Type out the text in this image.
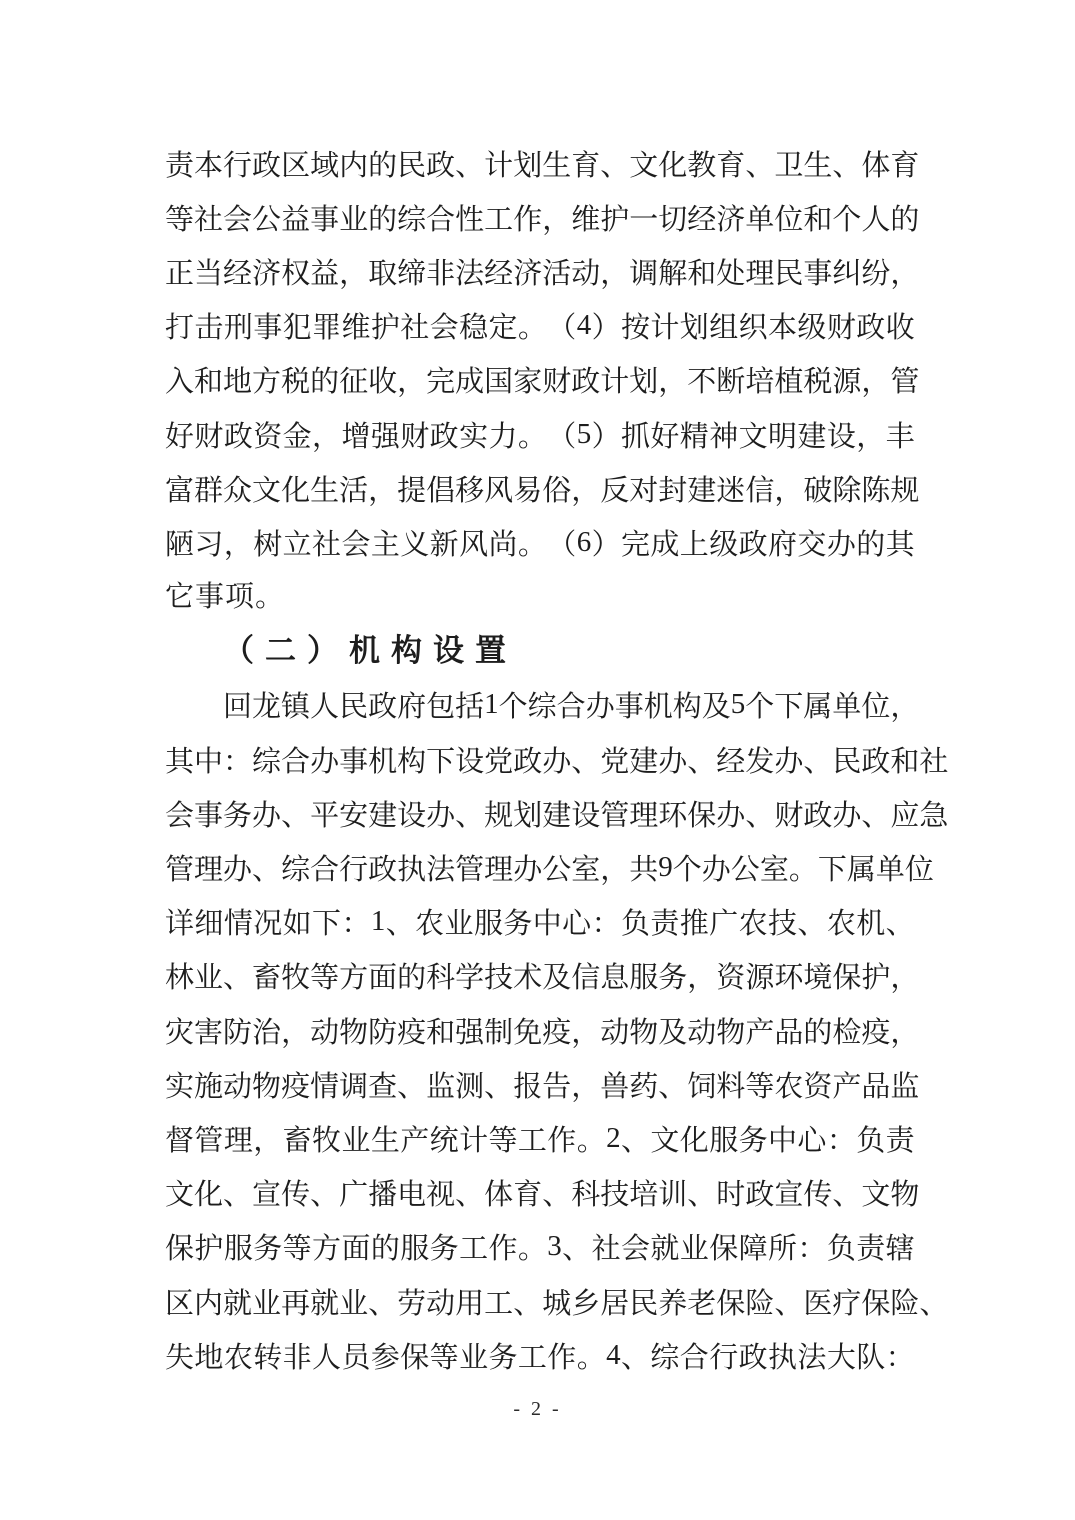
责 本 行 政 区 域 内 的 民 政 、 计 划 生 育 、 文 化 教 育 、 卫 生 、 体 育
等 社 会 公 益 事 业 的 综 合 性 工 作 ， 维 护 一 切 经 济 单 位 和 个 人 的
正 当 经 济 权 益 ， 取 缔 非 法 经 济 活 动 ， 调 解 和 处 理 民 事 纠 纷 ，
打 击 刑 事 犯 罪 维 护 社 会 稳 定 。 （ 4 ） 按 计 划 组 织 本 级 财 政 收
入 和 地 方 税 的 征 收 ， 完 成 国 家 财 政 计 划 ， 不 断 培 植 税 源 ， 管
好 财 政 资 金 ， 增 强 财 政 实 力 。 （ 5 ） 抓 好 精 神 文 明 建 设 ， 丰
富 群 众 文 化 生 活 ， 提 倡 移 风 易 俗 ， 反 对 封 建 迷 信 ， 破 除 陈 规
陋 习 ， 树 立 社 会 主 义 新 风 尚 。 （ 6 ） 完 成 上 级 政 府 交 办 的 其
它事项。
（二）机构设置
回 龙 镇 人 民 政 府 包 括 1 个 综 合 办 事 机 构 及 5 个 下 属 单 位 ，
其 中 ： 综 合 办 事 机 构 下 设 党 政 办 、 党 建 办 、 经 发 办 、 民 政 和 社
会 事 务 办 、 平 安 建 设 办 、 规 划 建 设 管 理 环 保 办 、 财 政 办 、 应 急
管 理 办 、 综 合 行 政 执 法 管 理 办 公 室 ， 共 9 个 办 公 室 。 下 属 单 位
详 细 情 况 如 下 ： 1 、 农 业 服 务 中 心 ： 负 责 推 广 农 技 、 农 机 、
林 业 、 畜 牧 等 方 面 的 科 学 技 术 及 信 息 服 务 ， 资 源 环 境 保 护 ，
灾 害 防 治 ， 动 物 防 疫 和 强 制 免 疫 ， 动 物 及 动 物 产 品 的 检 疫 ，
实 施 动 物 疫 情 调 查 、 监 测 、 报 告 ， 兽 药 、 饲 料 等 农 资 产 品 监
督 管 理 ， 畜 牧 业 生 产 统 计 等 工 作 。 2 、 文 化 服 务 中 心 ： 负 责
文 化 、 宣 传 、 广 播 电 视 、 体 育 、 科 技 培 训 、 时 政 宣 传 、 文 物
保 护 服 务 等 方 面 的 服 务 工 作 。 3 、 社 会 就 业 保 障 所 ： 负 责 辖
区 内 就 业 再 就 业 、 劳 动 用 工 、 城 乡 居 民 养 老 保 险 、 医 疗 保 险 、
失 地 农 转 非 人 员 参 保 等 业 务 工 作 。 4 、 综 合 行 政 执 法 大 队 ：
- 2 -
